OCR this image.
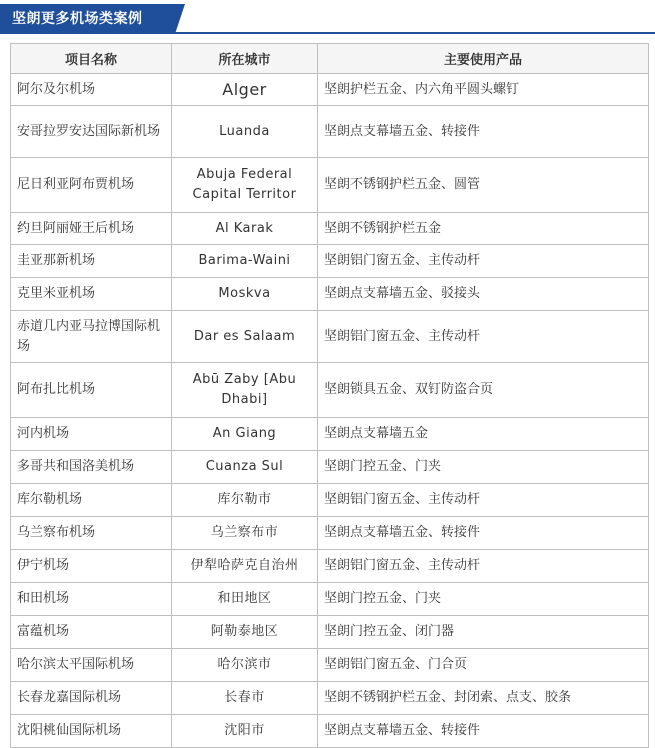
坚朗更多机场类案例
项目名称	所在城市	主要使用产品
阿尔及尔机场	Alger	坚朗护栏五金、内六角平圆头螺钉
安哥拉罗安达国际新机场	Luanda	坚朗点支幕墙五金、转接件
尼日利亚阿布贾机场	Abuja Federal Capital Territor	坚朗不锈钢护栏五金、圆管
约旦阿丽娅王后机场	Al Karak	坚朗不锈钢护栏五金
圭亚那新机场	Barima-Waini	坚朗铝门窗五金、主传动杆
克里米亚机场	Moskva	坚朗点支幕墙五金、驳接头
赤道几内亚马拉博国际机场	Dar es Salaam	坚朗铝门窗五金、主传动杆
阿布扎比机场	Abū Zaby [Abu Dhabi]	坚朗锁具五金、双钉防盗合页
河内机场	An Giang	坚朗点支幕墙五金
多哥共和国洛美机场	Cuanza Sul	坚朗门控五金、门夹
库尔勒机场	库尔勒市	坚朗铝门窗五金、主传动杆
乌兰察布机场	乌兰察布市	坚朗点支幕墙五金、转接件
伊宁机场	伊犁哈萨克自治州	坚朗铝门窗五金、主传动杆
和田机场	和田地区	坚朗门控五金、门夹
富蕴机场	阿勒泰地区	坚朗门控五金、闭门器
哈尔滨太平国际机场	哈尔滨市	坚朗铝门窗五金、门合页
长春龙嘉国际机场	长春市	坚朗不锈钢护栏五金、封闭索、点支、胶条
沈阳桃仙国际机场	沈阳市	坚朗点支幕墙五金、转接件
